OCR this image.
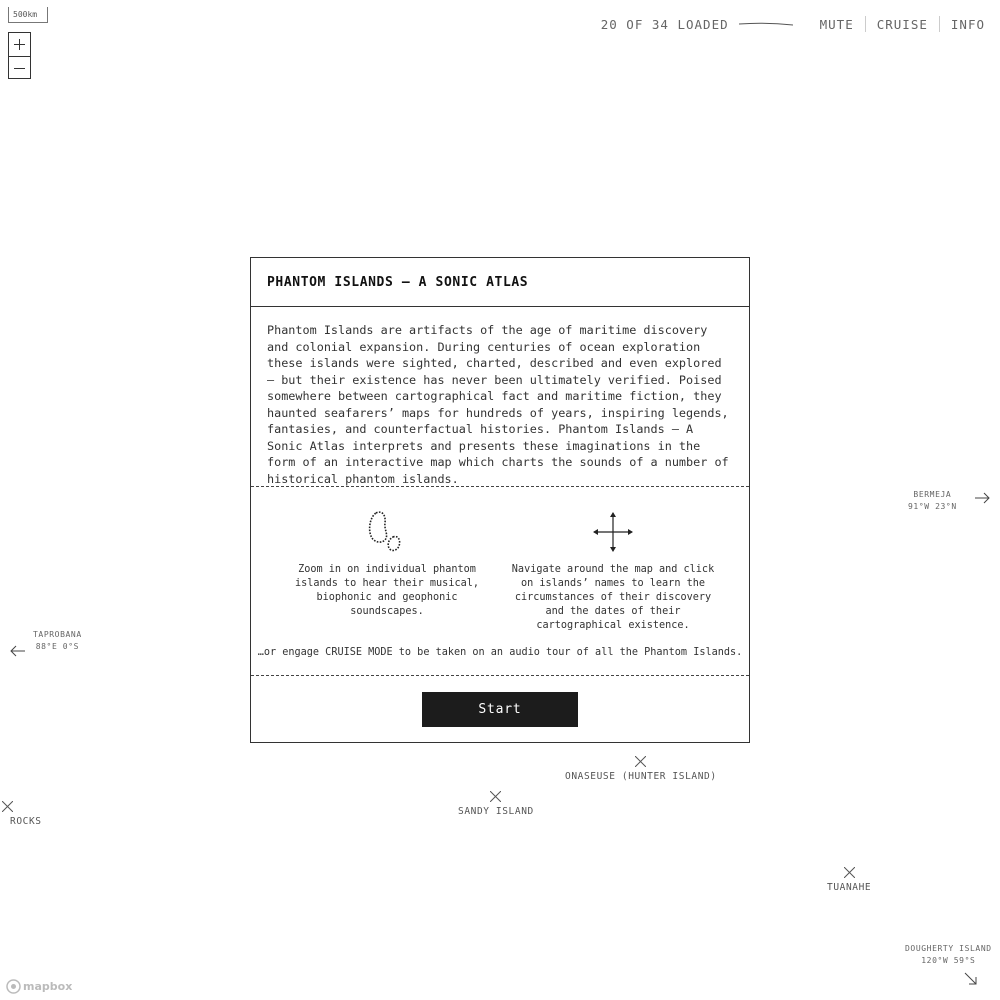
500km
20 OF 34 LOADED	MUTE	CRUISE	INFO
PHANTOM ISLANDS — A SONIC ATLAS
Phantom Islands are artifacts of the age of maritime discovery and colonial expansion. During centuries of ocean exploration these islands were sighted, charted, described and even explored — but their existence has never been ultimately verified. Poised somewhere between cartographical fact and maritime fiction, they haunted seafarers’ maps for hundreds of years, inspiring legends, fantasies, and counterfactual histories. Phantom Islands — A Sonic Atlas interprets and presents these imaginations in the form of an interactive map which charts the sounds of a number of historical phantom islands.
Zoom in on individual phantom islands to hear their musical, biophonic and geophonic soundscapes.
Navigate around the map and click on islands’ names to learn the circumstances of their discovery and the dates of their cartographical existence.
…or engage CRUISE MODE to be taken on an audio tour of all the Phantom Islands.
Start
ONASEUSE (HUNTER ISLAND)
SANDY ISLAND
TUANAHE
ROCKS
BERMEJA
91°W 23°N
TAPROBANA
88°E 0°S
DOUGHERTY ISLAND
120°W 59°S
mapbox
